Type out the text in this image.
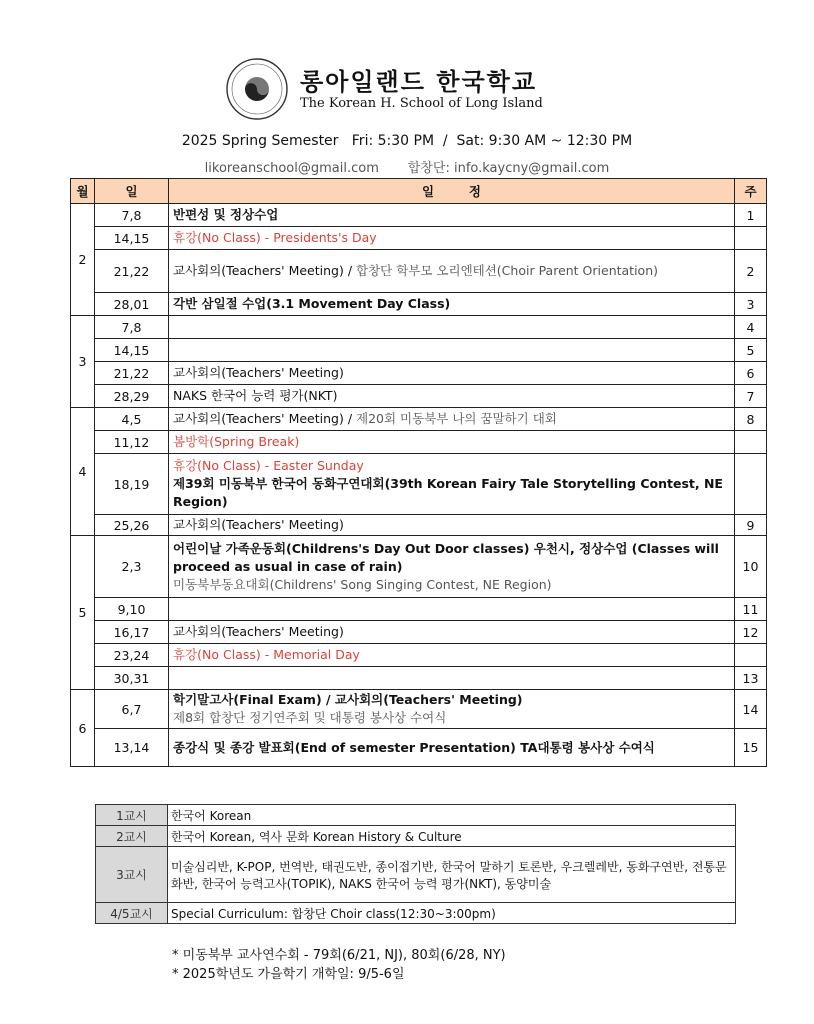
롱아일랜드 한국학교
The Korean H. School of Long Island
2025 Spring Semester   Fri: 5:30 PM  /  Sat: 9:30 AM ~ 12:30 PM
likoreanschool@gmail.com       합창단: info.kaycny@gmail.com
월	일	일        정	주
2	7,8	반편성 및 정상수업	1
	14,15	휴강(No Class) - Presidents's Day	

	21,22	교사회의(Teachers' Meeting) / 합창단 학부모 오리엔테션(Choir Parent Orientation)	2
	28,01	각반 삼일절 수업(3.1 Movement Day Class)	3
3	7,8		4
	14,15		5
	21,22	교사회의(Teachers' Meeting)	6
	28,29	NAKS 한국어 능력 평가(NKT)	7
4	4,5	교사회의(Teachers' Meeting) / 제20회 미동북부 나의 꿈말하기 대회	8
	11,12	봄방학(Spring Break)	

	18,19	휴강(No Class) - Easter Sunday
제39회 미동북부 한국어 동화구연대회(39th Korean Fairy Tale Storytelling Contest, NE Region)	

	25,26	교사회의(Teachers' Meeting)	9
5	2,3	어린이날 가족운동회(Childrens's Day Out Door classes) 우천시, 정상수업 (Classes will proceed as usual in case of rain)
미동북부동요대회(Childrens' Song Singing Contest, NE Region)	10
	9,10		11
	16,17	교사회의(Teachers' Meeting)	12
	23,24	휴강(No Class) - Memorial Day	

	30,31		13
6	6,7	학기말고사(Final Exam) / 교사회의(Teachers' Meeting)
제8회 합창단 정기연주회 및 대통령 봉사상 수여식	14
	13,14	종강식 및 종강 발표회(End of semester Presentation) TA대통령 봉사상 수여식	15
1교시	한국어 Korean
2교시	한국어 Korean, 역사 문화 Korean History & Culture
3교시	미술심리반, K-POP, 번역반, 태권도반, 종이접기반, 한국어 말하기 토론반, 우크렐레반, 동화구연반, 전통문화반, 한국어 능력고사(TOPIK), NAKS 한국어 능력 평가(NKT), 동양미술
4/5교시	Special Curriculum: 합창단 Choir class(12:30~3:00pm)
* 미동북부 교사연수회 - 79회(6/21, NJ), 80회(6/28, NY)
* 2025학년도 가을학기 개학일: 9/5-6일
